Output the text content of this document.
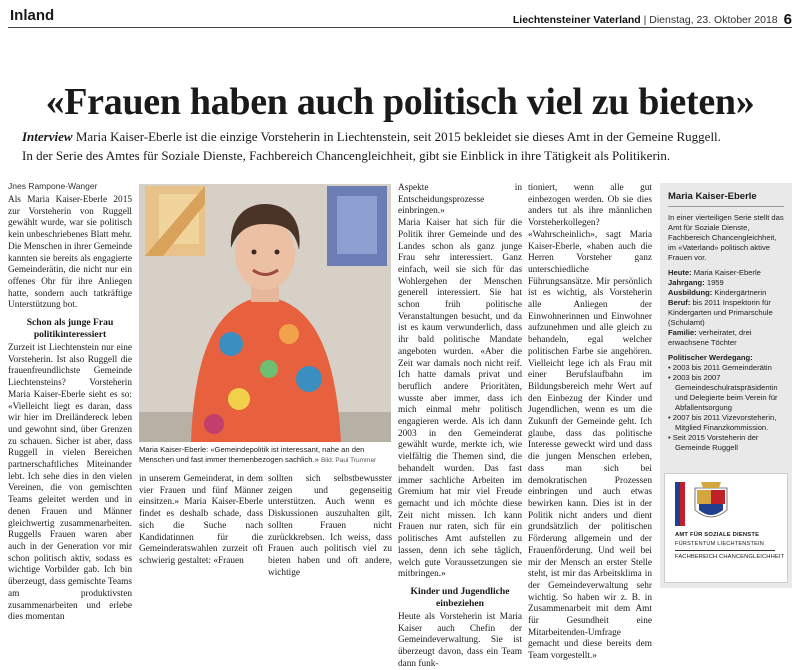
Inland	Liechtensteiner Vaterland | Dienstag, 23. Oktober 2018 6
«Frauen haben auch politisch viel zu bieten»
Interview Maria Kaiser-Eberle ist die einzige Vorsteherin in Liechtenstein, seit 2015 bekleidet sie dieses Amt in der Gemeine Ruggell.
In der Serie des Amtes für Soziale Dienste, Fachbereich Chancengleichheit, gibt sie Einblick in ihre Tätigkeit als Politikerin.
Jnes Rampone-Wanger

Als Maria Kaiser-Eberle 2015 zur Vorsteherin von Ruggell gewählt wurde, war sie politisch kein unbeschriebenes Blatt mehr. Die Menschen in ihrer Gemeinde kannten sie bereits als engagierte Gemeinderätin, die nicht nur ein offenes Ohr für ihre Anliegen hatte, sondern auch tatkräftige Unterstützung bot.

Schon als junge Frau politikinteressiert

Zurzeit ist Liechtenstein nur eine Vorsteherin. Ist also Ruggell die frauenfreundlichste Gemeinde Liechtensteins? Vorsteherin Maria Kaiser-Eberle sieht es so: «Vielleicht liegt es daran, dass wir hier im Dreiländereck leben und gewohnt sind, über Grenzen zu schauen. Sicher ist aber, dass Ruggell in vielen Bereichen partnerschaftliches Miteinander lebt. Ich sehe dies in den vielen Vereinen, die von gemischten Teams geleitet werden und in denen Frauen und Männer gleichwertig zusammenarbeiten. Ruggells Frauen waren aber auch in der Generation vor mir schon politisch aktiv, sodass es wichtige Vorbilder gab. Ich bin überzeugt, dass gemischte Teams am produktivsten zusammenarbeiten und erlebe dies momentan

Maria Kaiser-Eberle: «Gemeindepolitik ist interessant, nahe an den Menschen und fast immer themenbezogen sachlich.» Bild: Paul Trummer

in unserem Gemeinderat, in dem vier Frauen und fünf Männer einsitzen.» Maria Kaiser-Eberle findet es deshalb schade, dass sich die Suche nach Kandidatinnen für die Gemeinderatswahlen zurzeit oft schwierig gestaltet: «Frauen

sollten sich selbstbewusster zeigen und gegenseitig unterstützen. Auch wenn es Diskussionen auszuhalten gilt, sollten Frauen nicht zurückkrebsen. Ich weiss, dass Frauen auch politisch viel zu bieten haben und oft andere, wichtige

Aspekte in Entscheidungsprozesse einbringen.»

Maria Kaiser hat sich für die Politik ihrer Gemeinde und des Landes schon als ganz junge Frau sehr interessiert. Ganz einfach, weil sie sich für das Wohlergehen der Menschen generell interessiert. Sie hat schon früh politische Veranstaltungen besucht, und da ist es kaum verwunderlich, dass ihr bald politische Mandate angeboten wurden. «Aber die Zeit war damals noch nicht reif. Ich hatte damals privat und beruflich andere Prioritäten, wusste aber immer, dass ich mich einmal mehr politisch engagieren werde. Als ich dann 2003 in den Gemeinderat gewählt wurde, merkte ich, wie vielfältig die Themen sind, die behandelt wurden. Das fast immer sachliche Arbeiten im Gremium hat mir viel Freude gemacht und ich möchte diese Zeit nicht missen. Ich kann Frauen nur raten, sich für ein politisches Amt aufstellen zu lassen, denn ich sehe täglich, welch gute Voraussetzungen sie mitbringen.»

Kinder und Jugendliche einbeziehen

Heute als Vorsteherin ist Maria Kaiser auch Chefin der Gemeindeverwaltung. Sie ist überzeugt davon, dass ein Team dann funk-

tioniert, wenn alle gut einbezogen werden. Ob sie dies anders tut als ihre männlichen Vorsteherkollegen? «Wahrscheinlich», sagt Maria Kaiser-Eberle, «haben auch die Herren Vorsteher ganz unterschiedliche Führungsansätze. Mir persönlich ist es wichtig, als Vorsteherin alle Anliegen der Einwohnerinnen und Einwohner aufzunehmen und alle gleich zu behandeln, egal welcher politischen Farbe sie angehören. Vielleicht lege ich als Frau mit einer Berufslaufbahn im Bildungsbereich mehr Wert auf den Einbezug der Kinder und Jugendlichen, wenn es um die Zukunft der Gemeinde geht. Ich glaube, dass das politische Interesse geweckt wird und dass die jungen Menschen erleben, dass man sich bei demokratischen Prozessen einbringen und auch etwas bewirken kann. Dies ist in der Politik nicht anders und dient grundsätzlich der politischen Förderung allgemein und der Frauenförderung. Und weil bei mir der Mensch an erster Stelle steht, ist mir das Arbeitsklima in der Gemeindeverwaltung sehr wichtig. So haben wir z. B. in Zusammenarbeit mit dem Amt für Gesundheit eine Mitarbeitenden-Umfrage gemacht und diese bereits dem Team vorgestellt.»

Maria Kaiser-Eberle

In einer vierteiligen Serie stellt das Amt für Soziale Dienste, Fachbereich Chancengleichheit, im «Vaterland» politisch aktive Frauen vor.

Heute: Maria Kaiser-Eberle
Jahrgang: 1959
Ausbildung: Kindergärtnerin
Beruf: bis 2011 Inspektorin für Kindergarten und Primarschule (Schulamt)

Familie: verheiratet, drei erwachsene Töchter

Politischer Werdegang:
• 2003 bis 2011 Gemeinderätin
• 2003 bis 2007 Gemeindeschulratspräsidentin und Delegierte beim Verein für Abfallentsorgung
• 2007 bis 2011 Vizevorsteherin, Mitglied Finanzkommission.
• Seit 2015 Vorsteherin der Gemeinde Ruggell
AMT FÜR SOZIALE DIENSTE
FÜRSTENTUM LIECHTENSTEIN
FACHBEREICH CHANCENGLEICHHEIT
